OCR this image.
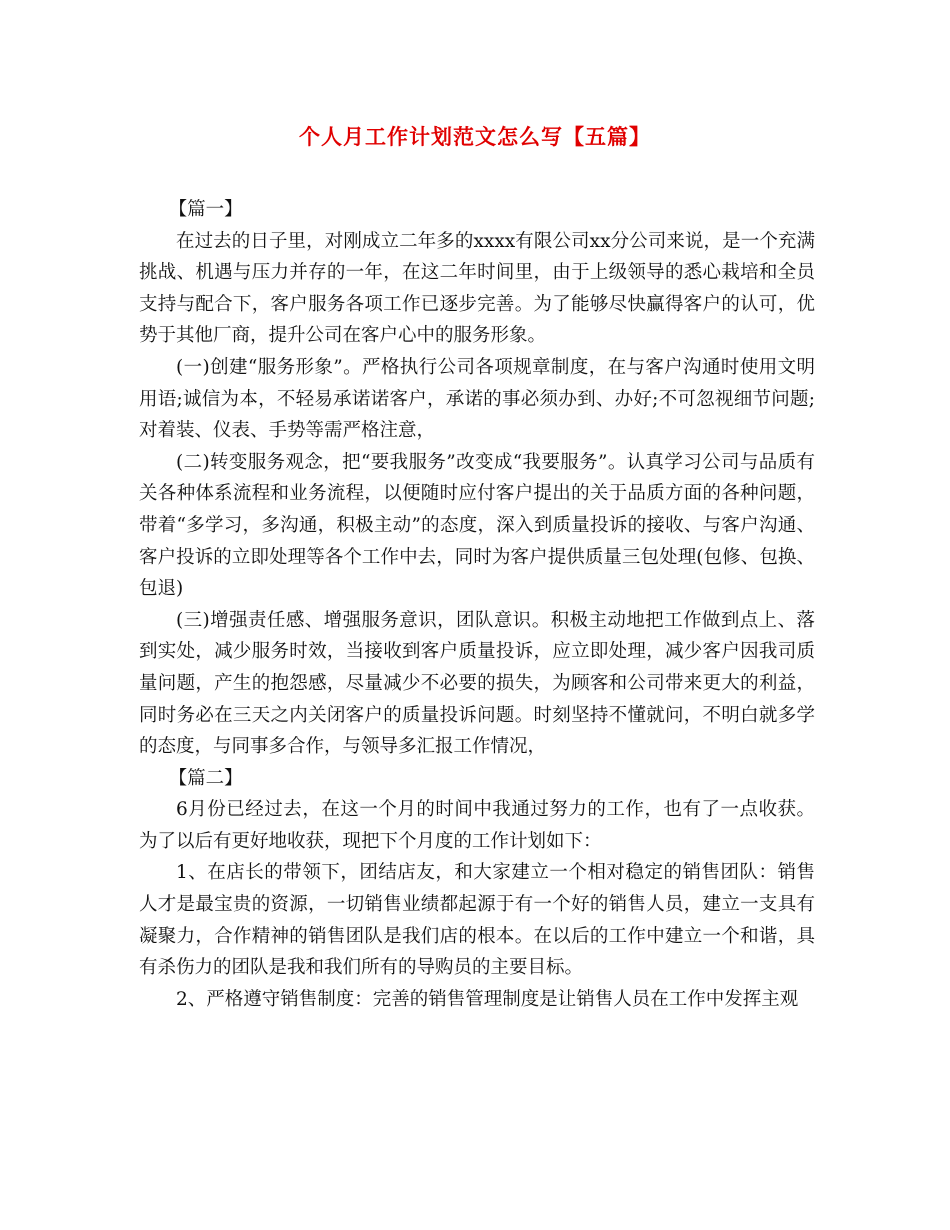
个人月工作计划范文怎么写【五篇】

【篇一】

在过去的日子里，对刚成立二年多的xxxx有限公司xx分公司来说，是一个充满挑战、机遇与压力并存的一年，在这二年时间里，由于上级领导的悉心栽培和全员支持与配合下，客户服务各项工作已逐步完善。为了能够尽快赢得客户的认可，优势于其他厂商，提升公司在客户心中的服务形象。

(一)创建“服务形象”。严格执行公司各项规章制度，在与客户沟通时使用文明用语;诚信为本，不轻易承诺诺客户，承诺的事必须办到、办好;不可忽视细节问题;对着装、仪表、手势等需严格注意，

(二)转变服务观念，把“要我服务”改变成“我要服务”。认真学习公司与品质有关各种体系流程和业务流程，以便随时应付客户提出的关于品质方面的各种问题，带着“多学习，多沟通，积极主动”的态度，深入到质量投诉的接收、与客户沟通、客户投诉的立即处理等各个工作中去，同时为客户提供质量三包处理(包修、包换、包退)

(三)增强责任感、增强服务意识，团队意识。积极主动地把工作做到点上、落到实处，减少服务时效，当接收到客户质量投诉，应立即处理，减少客户因我司质量问题，产生的抱怨感，尽量减少不必要的损失，为顾客和公司带来更大的利益，同时务必在三天之内关闭客户的质量投诉问题。时刻坚持不懂就问，不明白就多学的态度，与同事多合作，与领导多汇报工作情况，

【篇二】

6月份已经过去，在这一个月的时间中我通过努力的工作，也有了一点收获。为了以后有更好地收获，现把下个月度的工作计划如下：

1、在店长的带领下，团结店友，和大家建立一个相对稳定的销售团队：销售人才是最宝贵的资源，一切销售业绩都起源于有一个好的销售人员，建立一支具有凝聚力，合作精神的销售团队是我们店的根本。在以后的工作中建立一个和谐，具有杀伤力的团队是我和我们所有的导购员的主要目标。

2、严格遵守销售制度：完善的销售管理制度是让销售人员在工作中发挥主观
